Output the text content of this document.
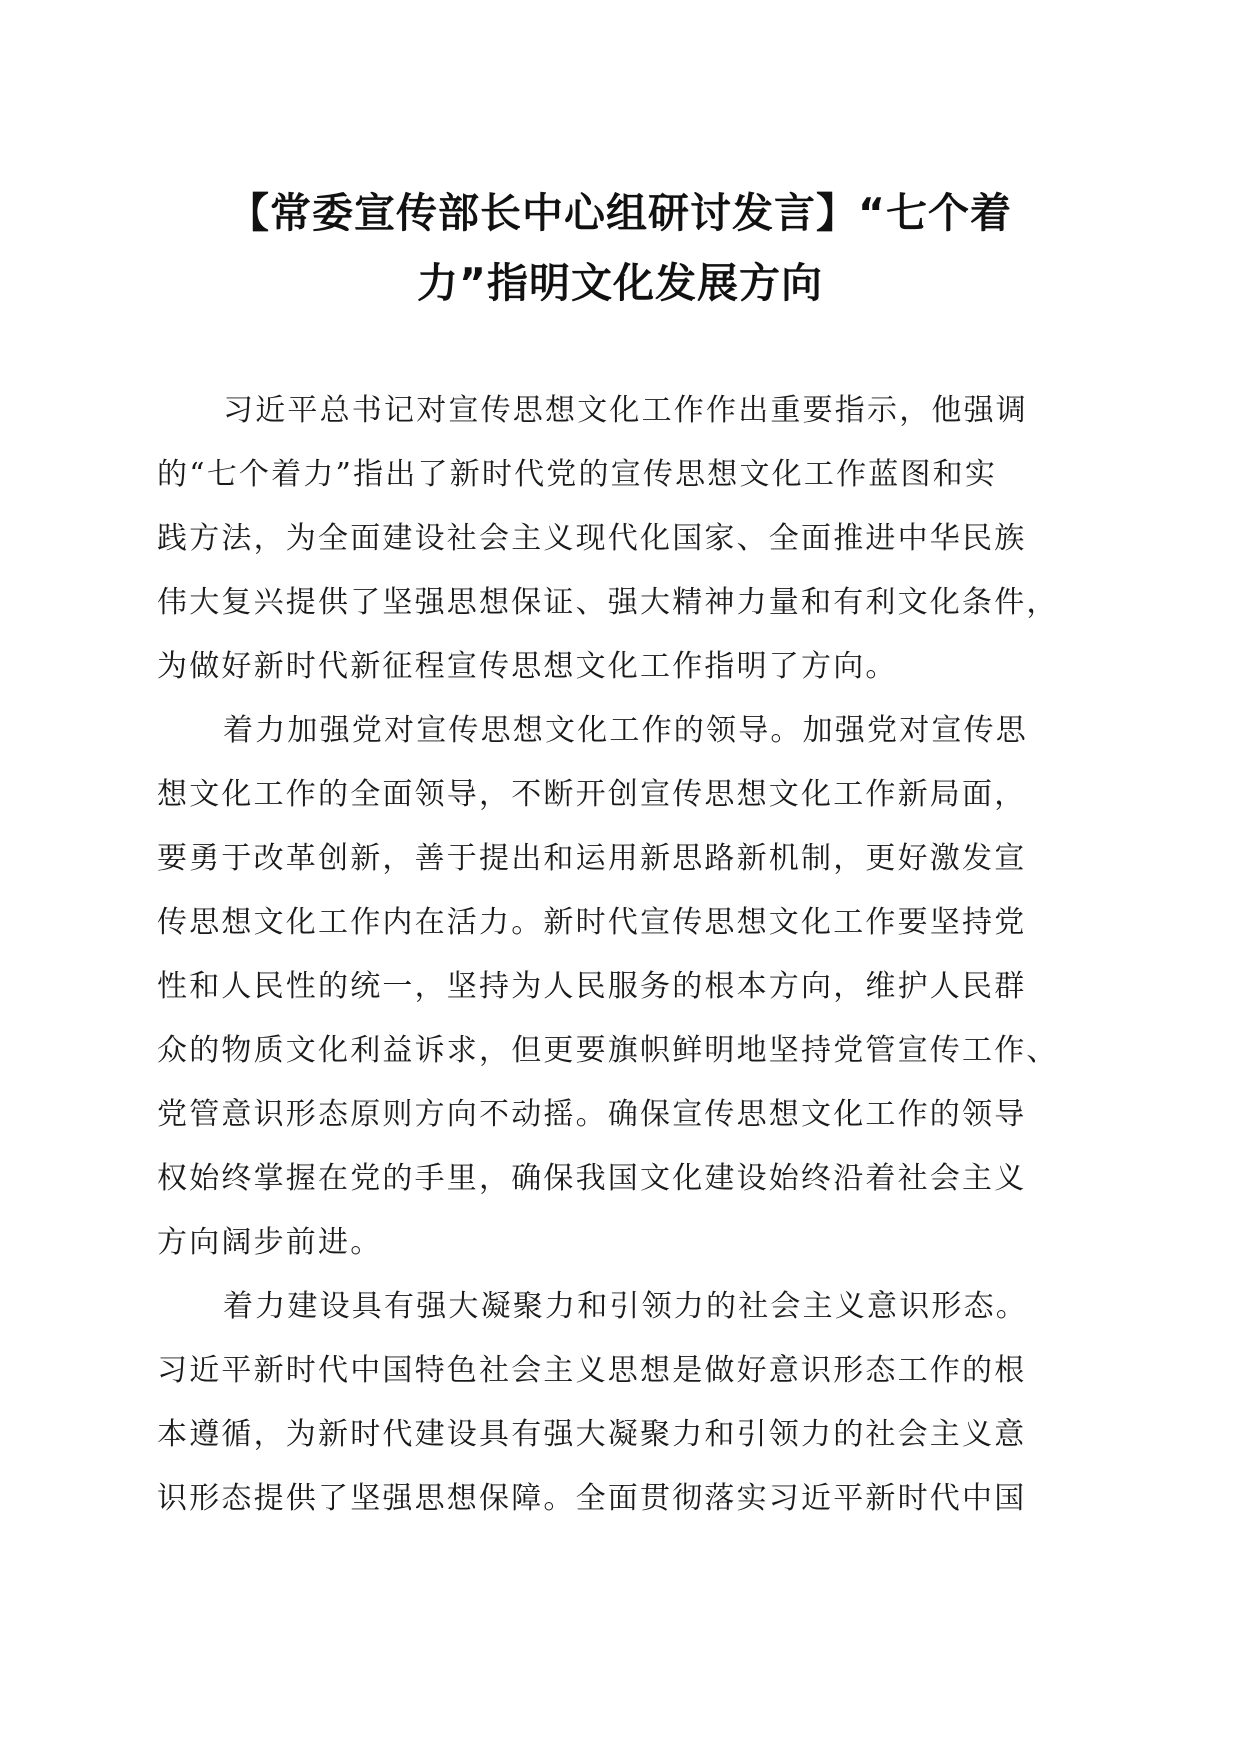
【常委宣传部长中心组研讨发言】“七个着
力”指明文化发展方向
习近平总书记对宣传思想文化工作作出重要指示，他强调
的“七个着力”指出了新时代党的宣传思想文化工作蓝图和实
践方法，为全面建设社会主义现代化国家、全面推进中华民族
伟大复兴提供了坚强思想保证、强大精神力量和有利文化条件，
为做好新时代新征程宣传思想文化工作指明了方向。
着力加强党对宣传思想文化工作的领导。加强党对宣传思
想文化工作的全面领导，不断开创宣传思想文化工作新局面，
要勇于改革创新，善于提出和运用新思路新机制，更好激发宣
传思想文化工作内在活力。新时代宣传思想文化工作要坚持党
性和人民性的统一，坚持为人民服务的根本方向，维护人民群
众的物质文化利益诉求，但更要旗帜鲜明地坚持党管宣传工作、
党管意识形态原则方向不动摇。确保宣传思想文化工作的领导
权始终掌握在党的手里，确保我国文化建设始终沿着社会主义
方向阔步前进。
着力建设具有强大凝聚力和引领力的社会主义意识形态。
习近平新时代中国特色社会主义思想是做好意识形态工作的根
本遵循，为新时代建设具有强大凝聚力和引领力的社会主义意
识形态提供了坚强思想保障。全面贯彻落实习近平新时代中国
